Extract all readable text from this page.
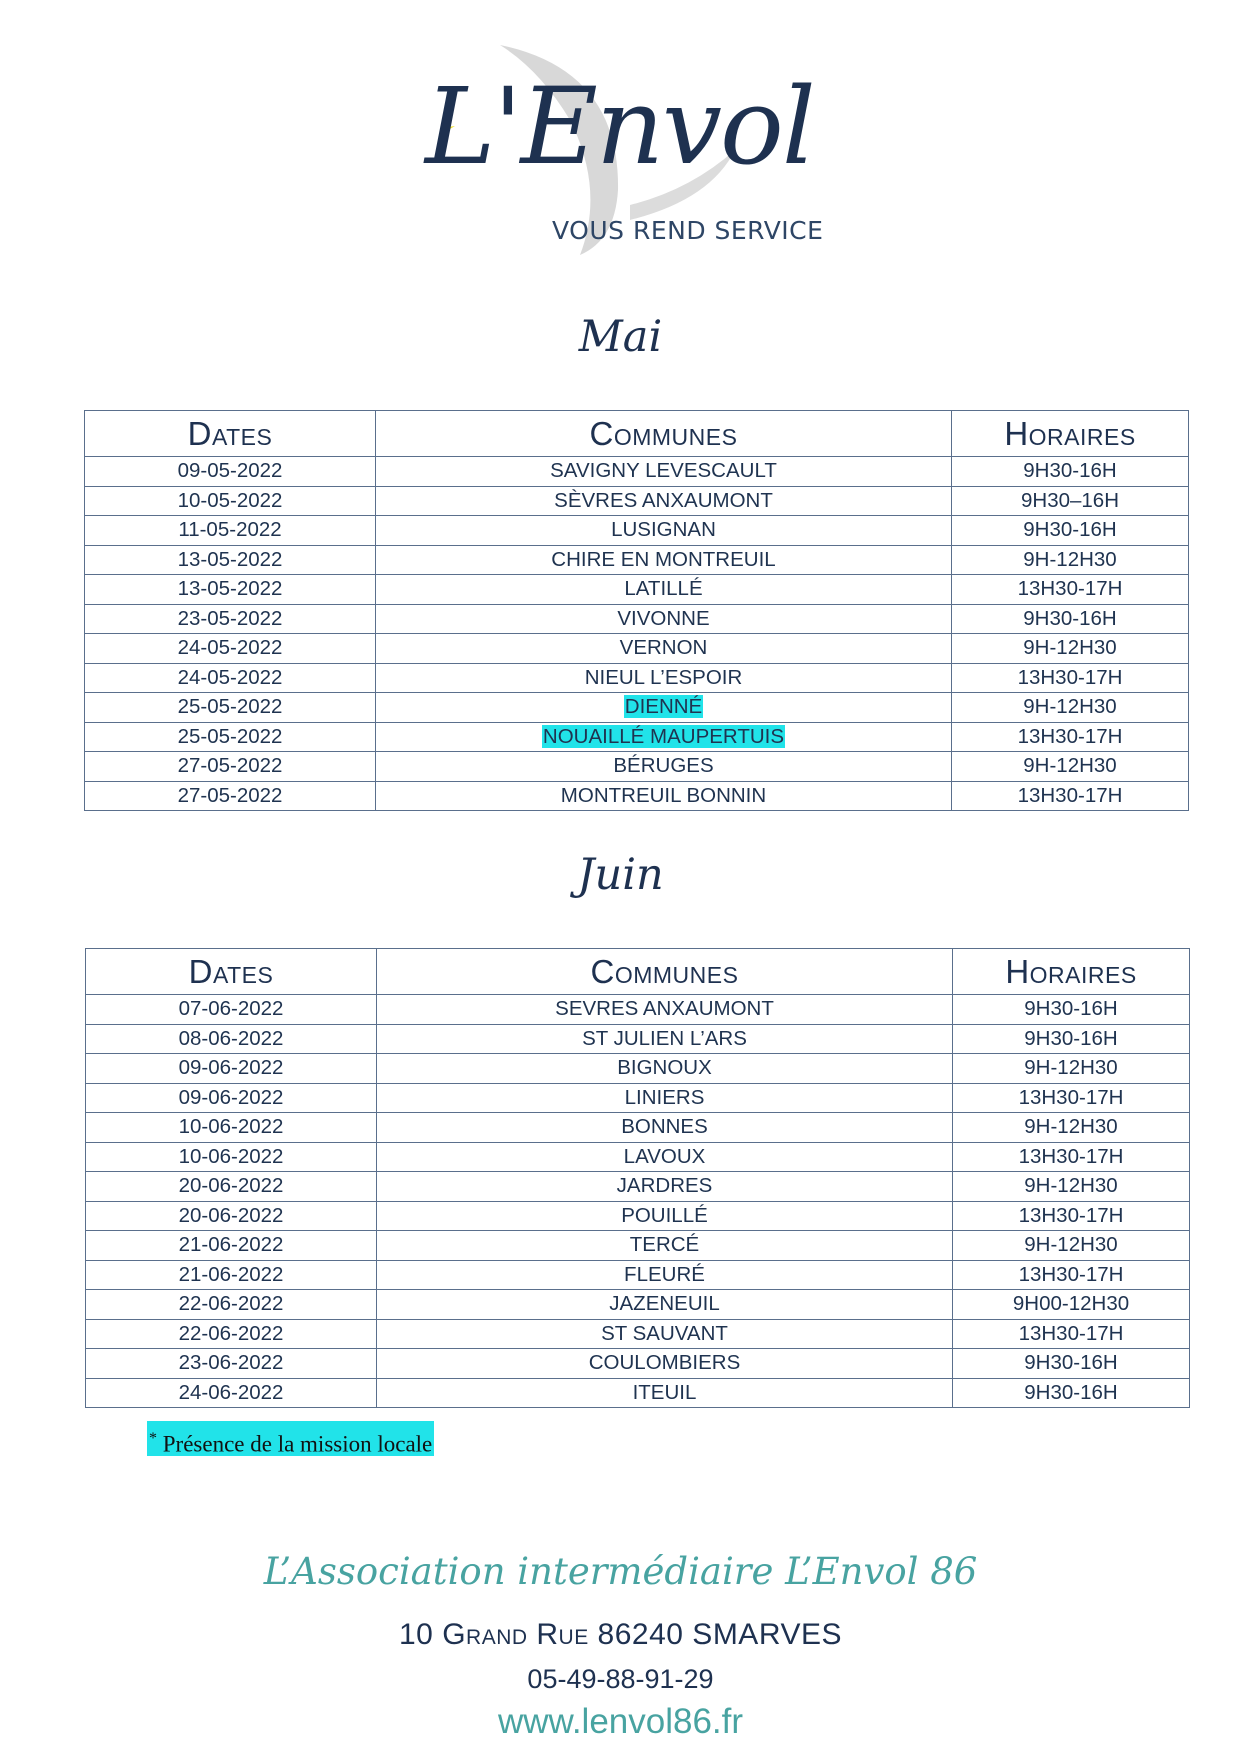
L'Envol
VOUS REND SERVICE
Mai
Dates	Communes	Horaires
09-05-2022	SAVIGNY LEVESCAULT	9H30-16H
10-05-2022	SÈVRES ANXAUMONT	9H30–16H
11-05-2022	LUSIGNAN	9H30-16H
13-05-2022	CHIRE EN MONTREUIL	9H-12H30
13-05-2022	LATILLÉ	13H30-17H
23-05-2022	VIVONNE	9H30-16H
24-05-2022	VERNON	9H-12H30
24-05-2022	NIEUL L’ESPOIR	13H30-17H
25-05-2022	DIENNÉ	9H-12H30
25-05-2022	NOUAILLÉ MAUPERTUIS	13H30-17H
27-05-2022	BÉRUGES	9H-12H30
27-05-2022	MONTREUIL BONNIN	13H30-17H
Juin
Dates	Communes	Horaires
07-06-2022	SEVRES ANXAUMONT	9H30-16H
08-06-2022	ST JULIEN L’ARS	9H30-16H
09-06-2022	BIGNOUX	9H-12H30
09-06-2022	LINIERS	13H30-17H
10-06-2022	BONNES	9H-12H30
10-06-2022	LAVOUX	13H30-17H
20-06-2022	JARDRES	9H-12H30
20-06-2022	POUILLÉ	13H30-17H
21-06-2022	TERCÉ	9H-12H30
21-06-2022	FLEURÉ	13H30-17H
22-06-2022	JAZENEUIL	9H00-12H30
22-06-2022	ST SAUVANT	13H30-17H
23-06-2022	COULOMBIERS	9H30-16H
24-06-2022	ITEUIL	9H30-16H
* Présence de la mission locale
L’Association intermédiaire L’Envol 86
10 Grand Rue 86240 SMARVES
05-49-88-91-29
www.lenvol86.fr
